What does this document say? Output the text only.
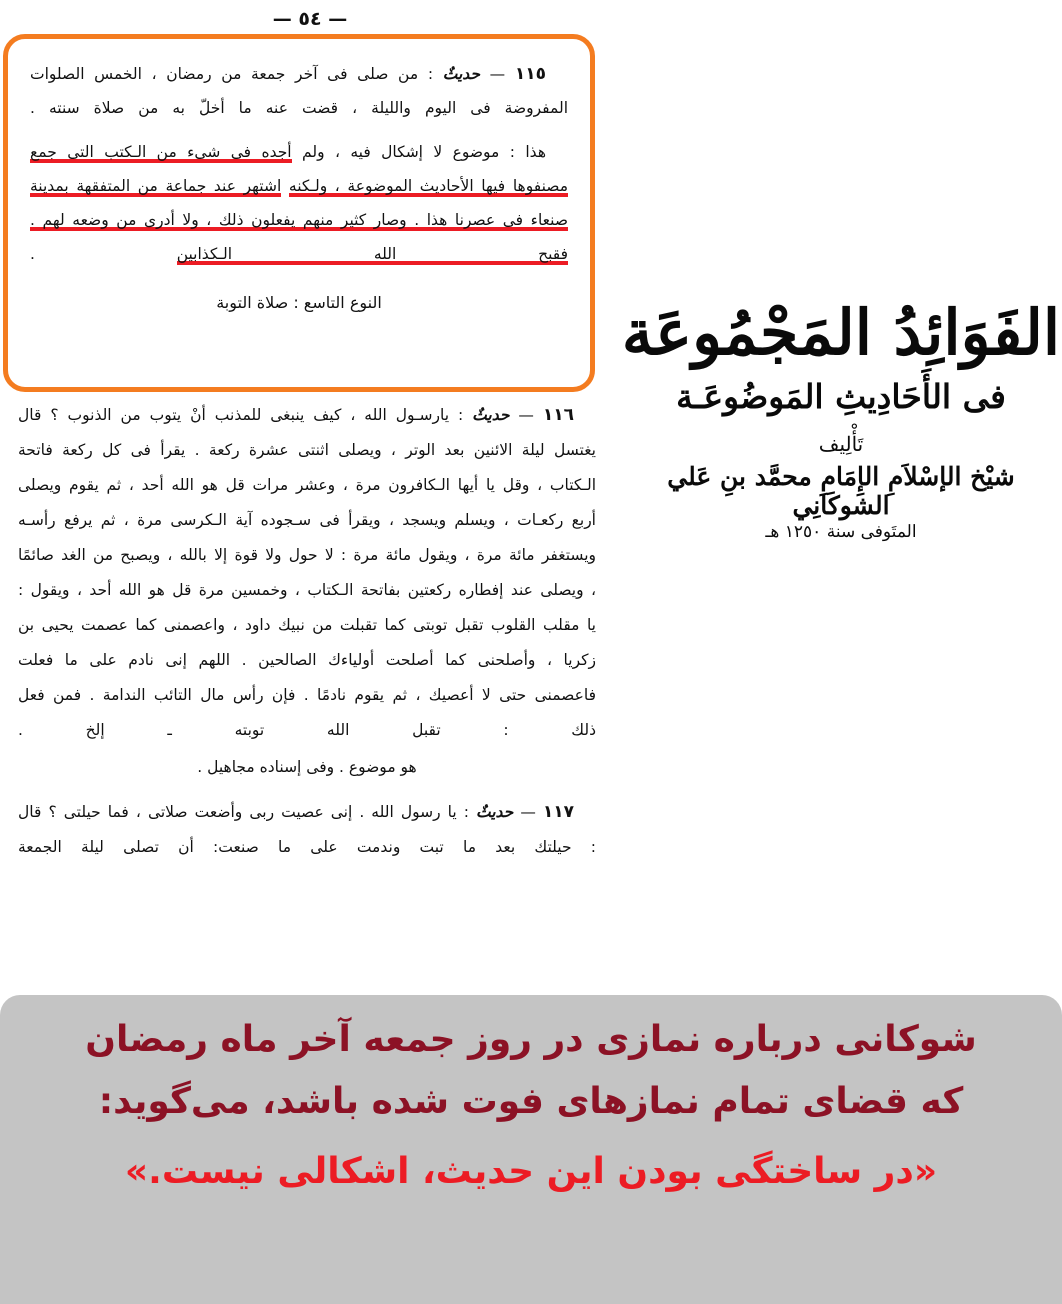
— ٥٤ —
١١٥ — حديثٌ : من صلى فى آخر جمعة من رمضان ، الخمس الصلوات المفروضة فى اليوم والليلة ، قضت عنه ما أخلّ به من صلاة سنته .
هذا : موضوع لا إشكال فيه ، ولم أجده فى شىء من الـكتب التى جمع مصنفوها فيها الأحاديث الموضوعة ، ولـكنه اشتهر عند جماعة من المتفقهة بمدينة صنعاء فى عصرنا هذا . وصار كثير منهم يفعلون ذلك ، ولا أدرى من وضعه لهم . فقبح الله الـكذابين .
النوع التاسع : صلاة التوبة
١١٦ — حديثٌ : يارسـول الله ، كيف ينبغى للمذنب أنْ يتوب من الذنوب ؟ قال يغتسل ليلة الائنين بعد الوتر ، ويصلى اثنتى عشرة ركعة . يقرأ فى كل ركعة فاتحة الـكتاب ، وقل يا أيها الـكافرون مرة ، وعشر مرات قل هو الله أحد ، ثم يقوم ويصلى أربع ركعـات ، ويسلم ويسجد ، ويقرأ فى سـجوده آية الـكرسى مرة ، ثم يرفع رأسـه ويستغفر مائة مرة ، ويقول مائة مرة : لا حول ولا قوة إلا بالله ، ويصبح من الغد صائمًا ، ويصلى عند إفطاره ركعتين بفاتحة الـكتاب ، وخمسين مرة قل هو الله أحد ، ويقول : يا مقلب القلوب تقبل توبتى كما تقبلت من نبيك داود ، واعصمنى كما عصمت يحيى بن زكريا ، وأصلحنى كما أصلحت أولياءك الصالحين . اللهم إنى نادم على ما فعلت فاعصمنى حتى لا أعصيك ، ثم يقوم نادمًا . فإن رأس مال التائب الندامة . فمن فعل ذلك : تقبل الله توبته ـ إلخ .
هو موضوع . وفى إسناده مجاهيل .
١١٧ — حديثٌ : يا رسول الله . إنى عصيت ربى وأضعت صلاتى ، فما حيلتى ؟ قال : حيلتك بعد ما تبت وندمت على ما صنعت: أن تصلى ليلة الجمعة
الفَوَائِدُ المَجْمُوعَة
فى الأَحَادِيثِ المَوضُوعَـة
تَأْلِيف
شيْخ الإسْلاَمِ الإِمَامِ محمَّد بنِ عَلي الشوكَانِي
المتَوفى سنة ١٢٥٠ هـ
شوكانى درباره نمازى در روز جمعه آخر ماه رمضان
كه قضاى تمام نمازهاى فوت شده باشد، مى‌گويد:
«در ساختگى بودن اين حديث، اشكالى نيست.»
